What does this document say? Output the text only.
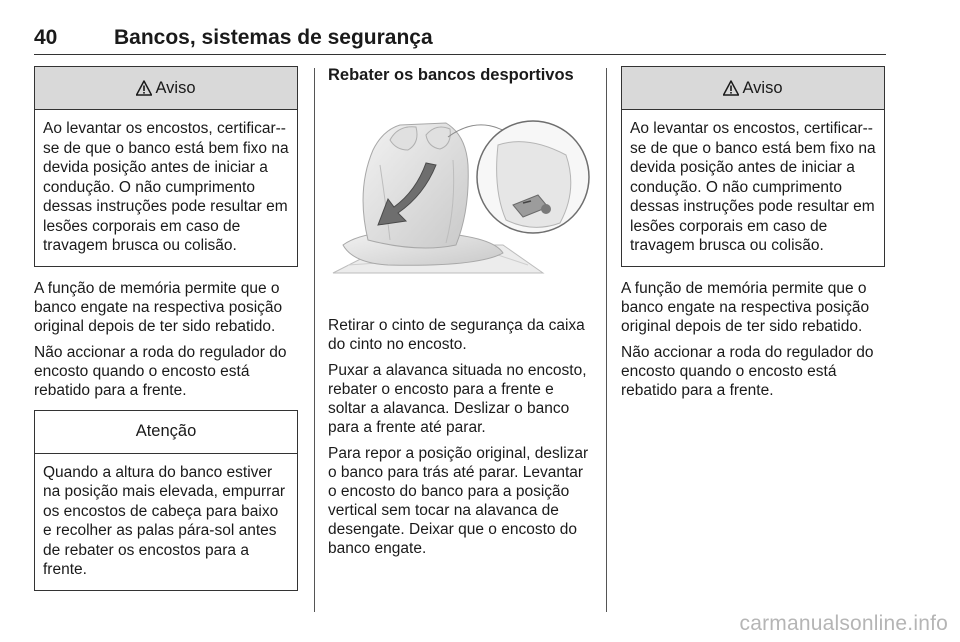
40	Bancos, sistemas de segurança
Aviso
Ao levantar os encostos, certificar--se de que o banco está bem fixo na devida posição antes de iniciar a condução. O não cumprimento dessas instruções pode resultar em lesões corporais em caso de travagem brusca ou colisão.

A função de memória permite que o banco engate na respectiva posição original depois de ter sido rebatido.

Não accionar a roda do regulador do encosto quando o encosto está rebatido para a frente.

Atenção
Quando a altura do banco estiver na posição mais elevada, empurrar os encostos de cabeça para baixo e recolher as palas pára-sol antes de rebater os encostos para a frente.
Rebater os bancos desportivos

Retirar o cinto de segurança da caixa do cinto no encosto.

Puxar a alavanca situada no encosto, rebater o encosto para a frente e soltar a alavanca. Deslizar o banco para a frente até parar.

Para repor a posição original, deslizar o banco para trás até parar. Levantar o encosto do banco para a posição vertical sem tocar na alavanca de desengate. Deixar que o encosto do banco engate.

Aviso
Ao levantar os encostos, certificar--se de que o banco está bem fixo na devida posição antes de iniciar a condução. O não cumprimento dessas instruções pode resultar em lesões corporais em caso de travagem brusca ou colisão.

A função de memória permite que o banco engate na respectiva posição original depois de ter sido rebatido.

Não accionar a roda do regulador do encosto quando o encosto está rebatido para a frente.

carmanualsonline.info
